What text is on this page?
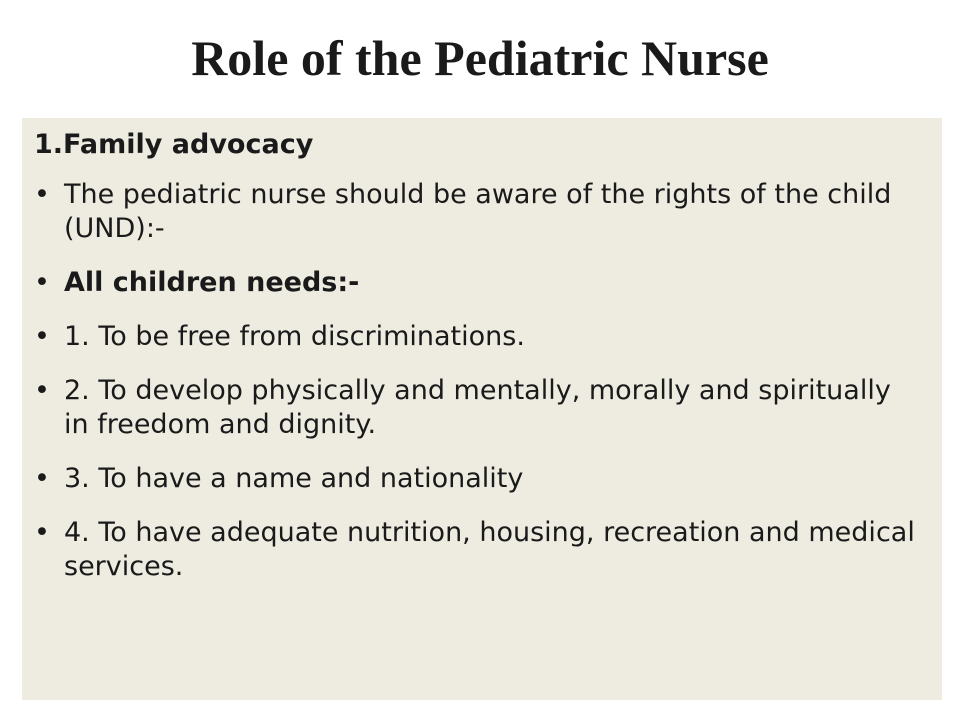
Role of the Pediatric Nurse

1.Family advocacy

• The pediatric nurse should be aware of the rights of the child (UND):-
• All children needs:-
• 1. To be free from discriminations.
• 2. To develop physically and mentally, morally and spiritually in freedom and dignity.
• 3. To have a name and nationality
• 4. To have adequate nutrition, housing, recreation and medical services.
